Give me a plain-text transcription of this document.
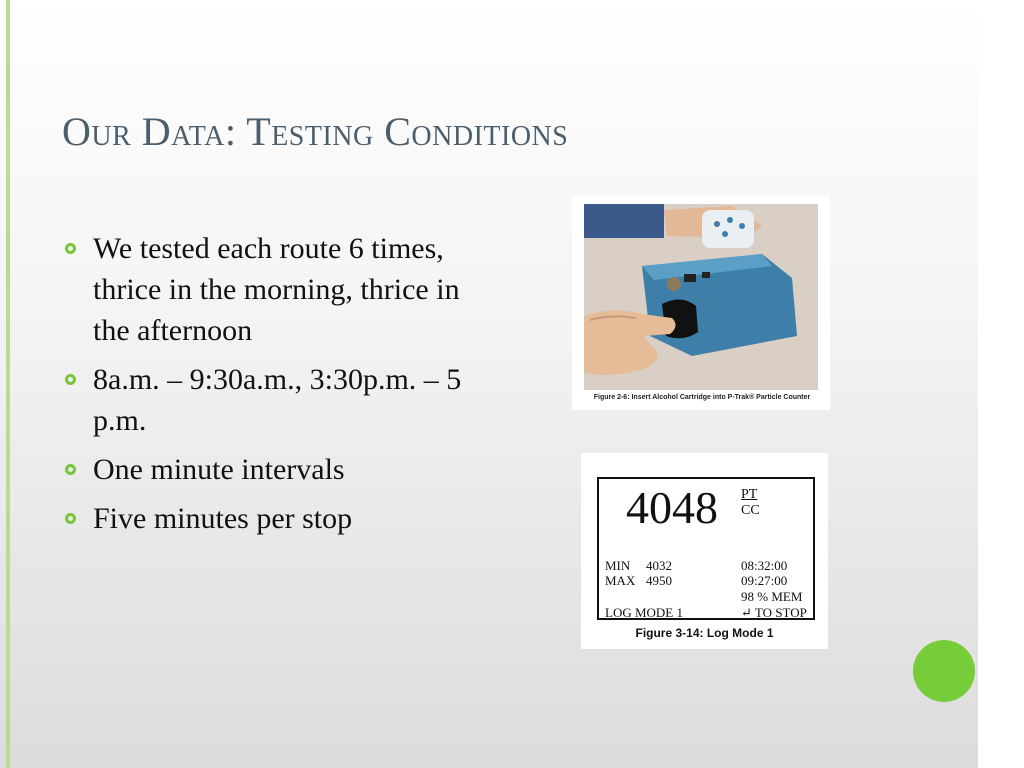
Our Data: Testing Conditions
We tested each route 6 times, thrice in the morning, thrice in the afternoon
8a.m. – 9:30a.m., 3:30p.m. – 5 p.m.
One minute intervals
Five minutes per stop
Figure 2-6: Insert Alcohol Cartridge into P-Trak® Particle Counter
4048 PT
CC
MIN 4032
MAX 4950
08:32:00
09:27:00
98 % MEM
LOG MODE 1	↵ TO STOP
Figure 3-14: Log Mode 1
